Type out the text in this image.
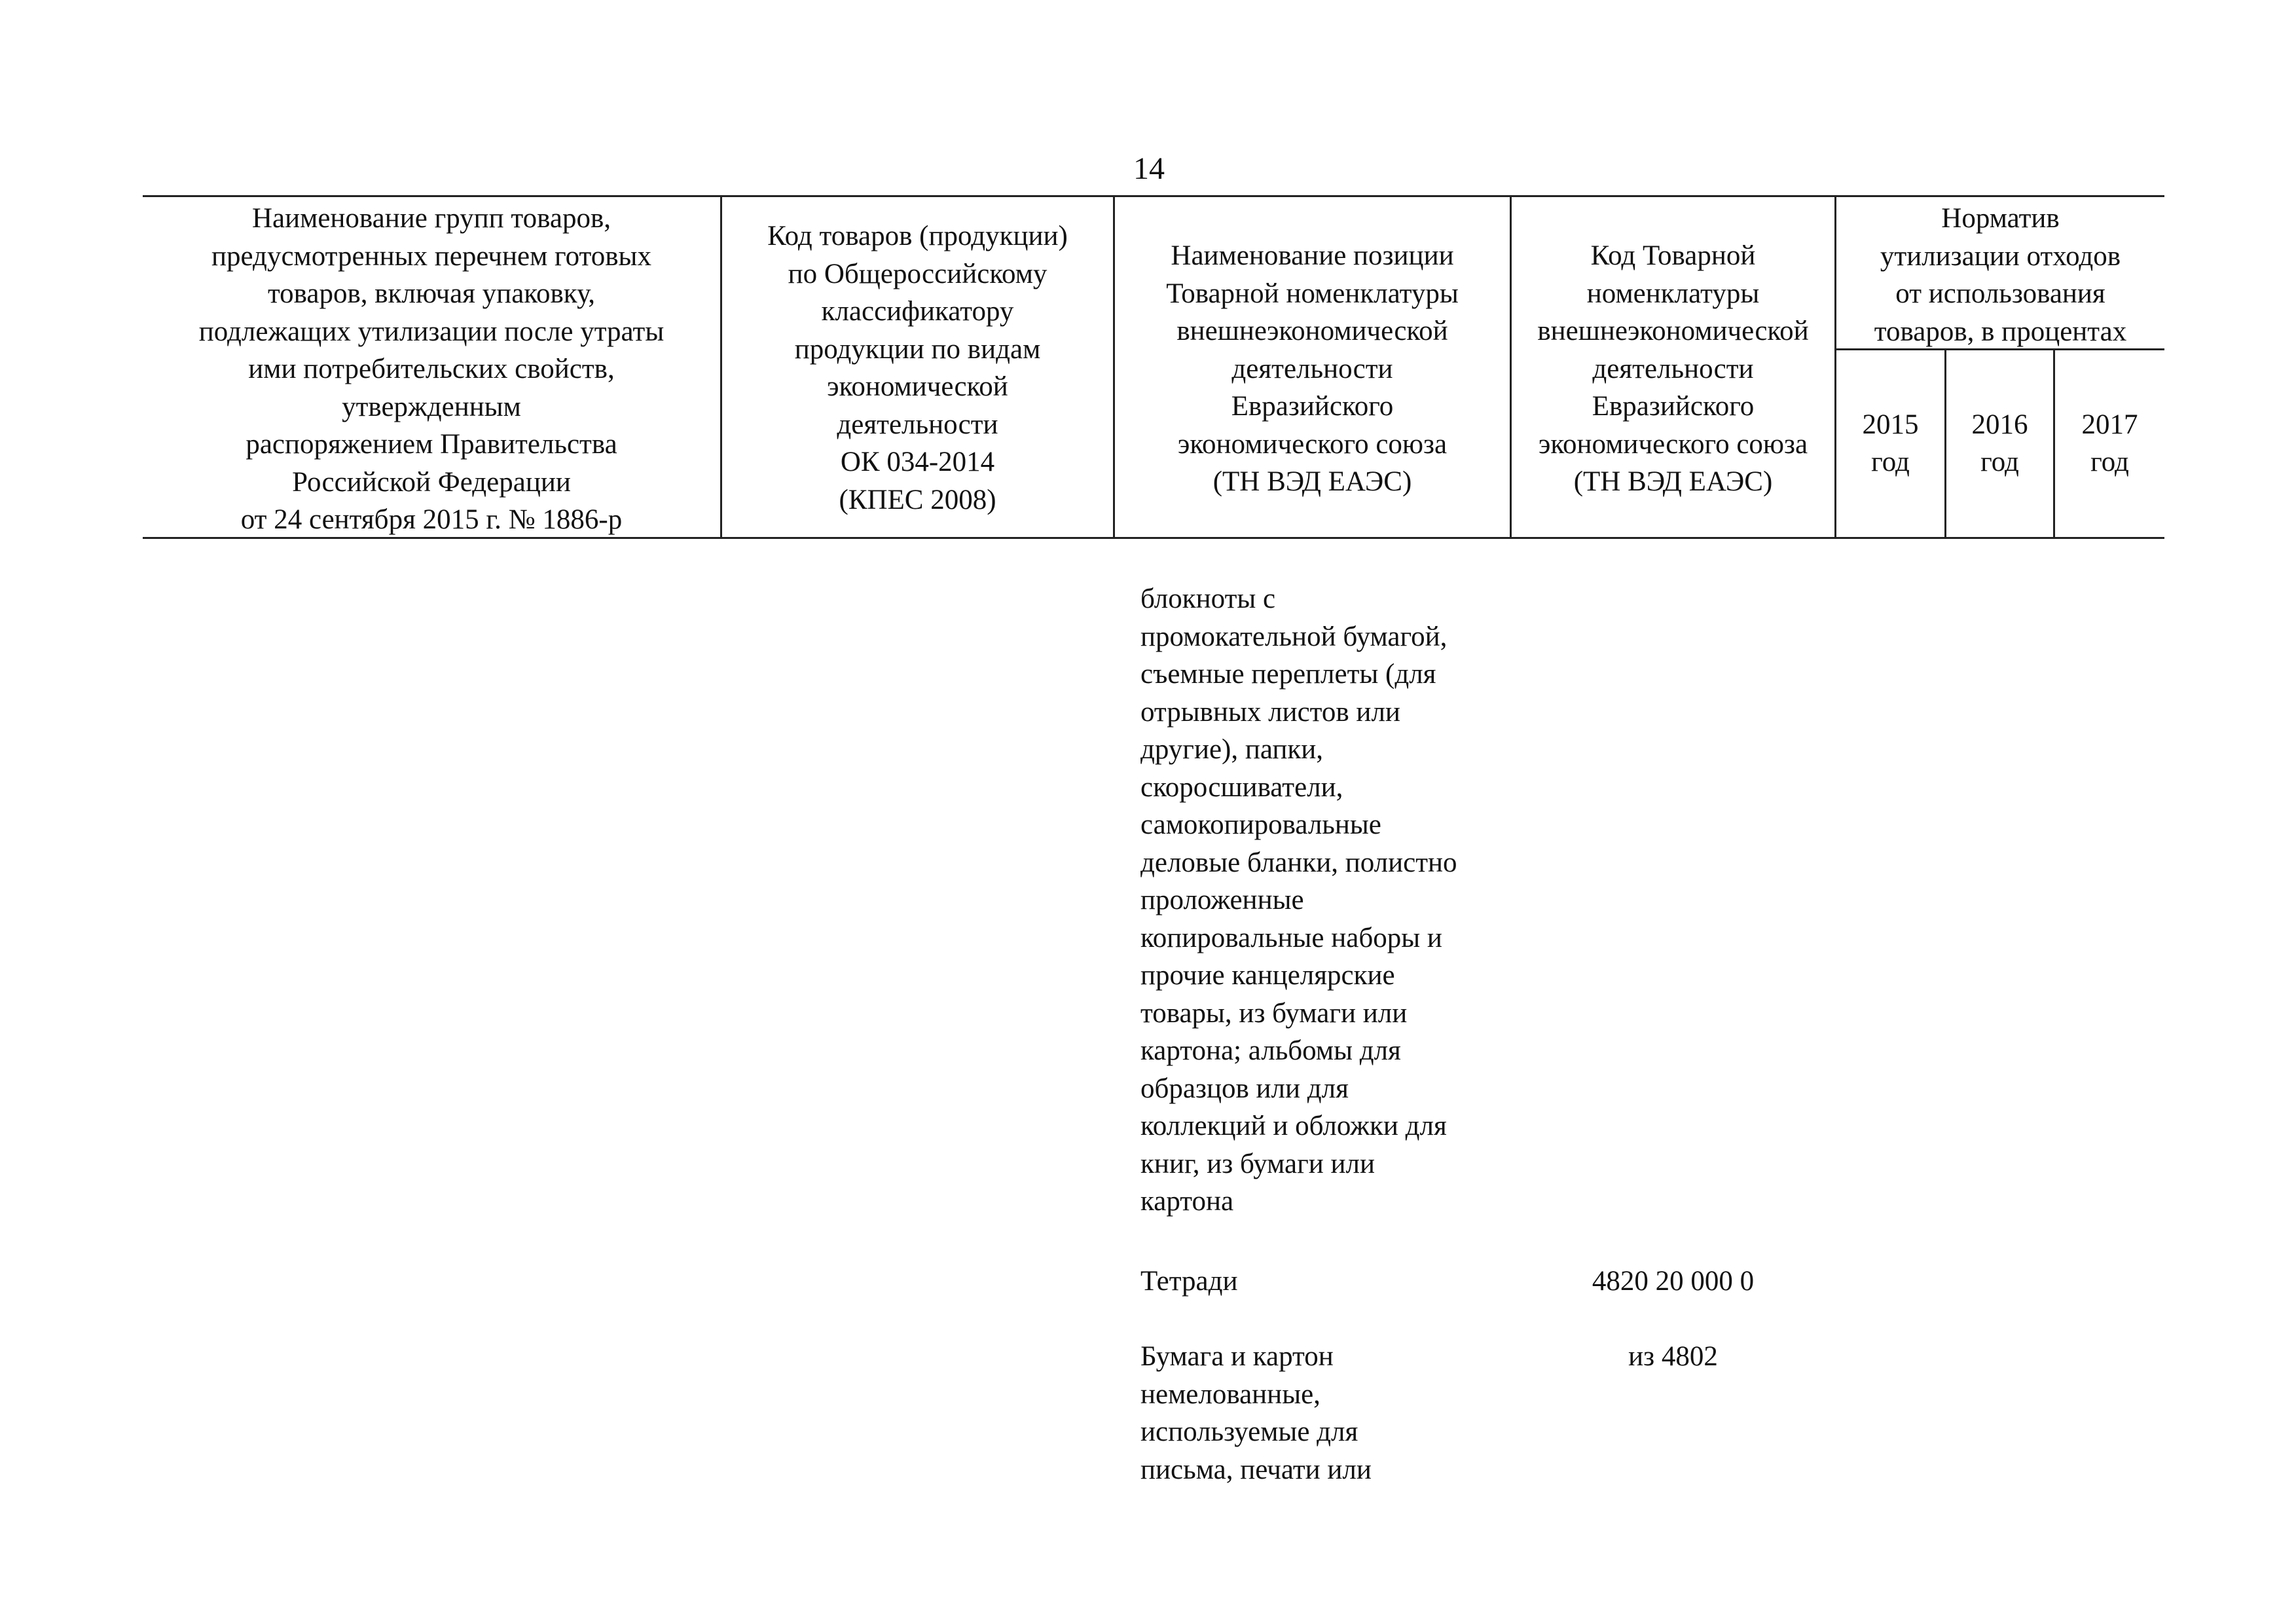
14
Наименование групп товаров,
предусмотренных перечнем готовых
товаров, включая упаковку,
подлежащих утилизации после утраты
ими потребительских свойств,
утвержденным
распоряжением Правительства
Российской Федерации
от 24 сентября 2015 г. № 1886-р
Код товаров (продукции)
по Общероссийскому
классификатору
продукции по видам
экономической
деятельности
ОК 034-2014
(КПЕС 2008)
Наименование позиции
Товарной номенклатуры
внешнеэкономической
деятельности
Евразийского
экономического союза
(ТН ВЭД ЕАЭС)
Код Товарной
номенклатуры
внешнеэкономической
деятельности
Евразийского
экономического союза
(ТН ВЭД ЕАЭС)
Норматив
утилизации отходов
от использования
товаров, в процентах
2015
год
2016
год
2017
год
блокноты с
промокательной бумагой,
съемные переплеты (для
отрывных листов или
другие), папки,
скоросшиватели,
самокопировальные
деловые бланки, полистно
проложенные
копировальные наборы и
прочие канцелярские
товары, из бумаги или
картона; альбомы для
образцов или для
коллекций и обложки для
книг, из бумаги или
картона
Тетради	4820 20 000 0
Бумага и картон
немелованные,
используемые для
письма, печати или
из 4802
